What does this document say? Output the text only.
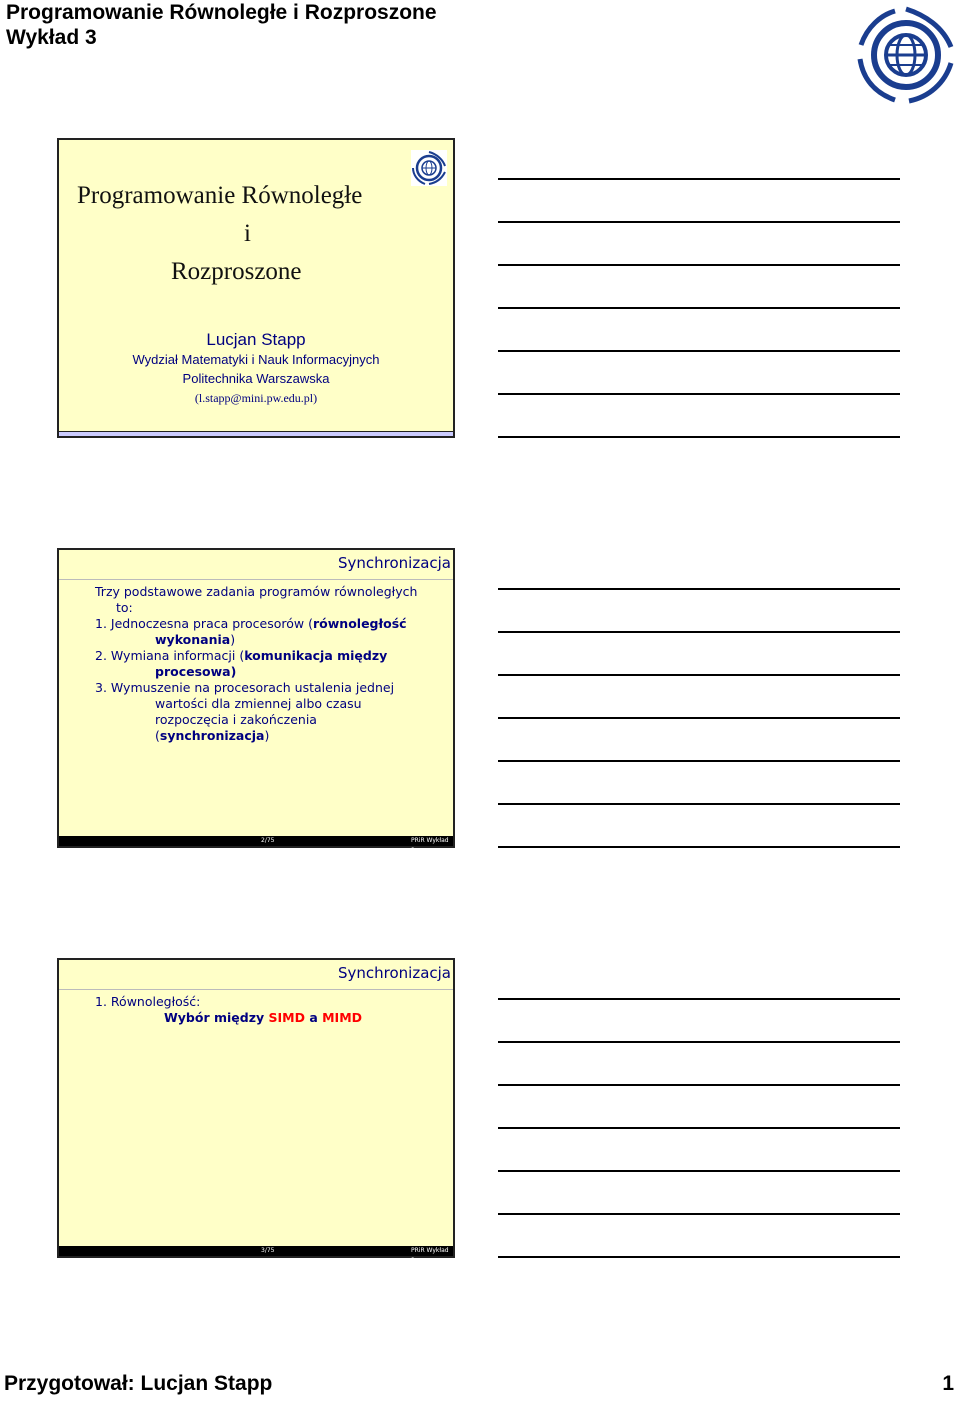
Programowanie Równoległe i Rozproszone
Wykład 3
Programowanie Równoległe
i
Rozproszone
Lucjan Stapp
Wydział Matematyki i Nauk Informacyjnych
Politechnika Warszawska
(l.stapp@mini.pw.edu.pl)
Synchronizacja
Trzy podstawowe zadania programów równoległych
to:
1. Jednoczesna praca procesorów (równoległość
wykonania)
2. Wymiana informacji (komunikacja między
procesowa)
3. Wymuszenie na procesorach ustalenia jednej
wartości dla zmiennej albo czasu
rozpoczęcia i zakończenia
(synchronizacja)
2/75	PRiR Wykład 3
Synchronizacja
1. Równoległość:
Wybór między SIMD a MIMD
3/75	PRiR Wykład 3
Przygotował: Lucjan Stapp	1
